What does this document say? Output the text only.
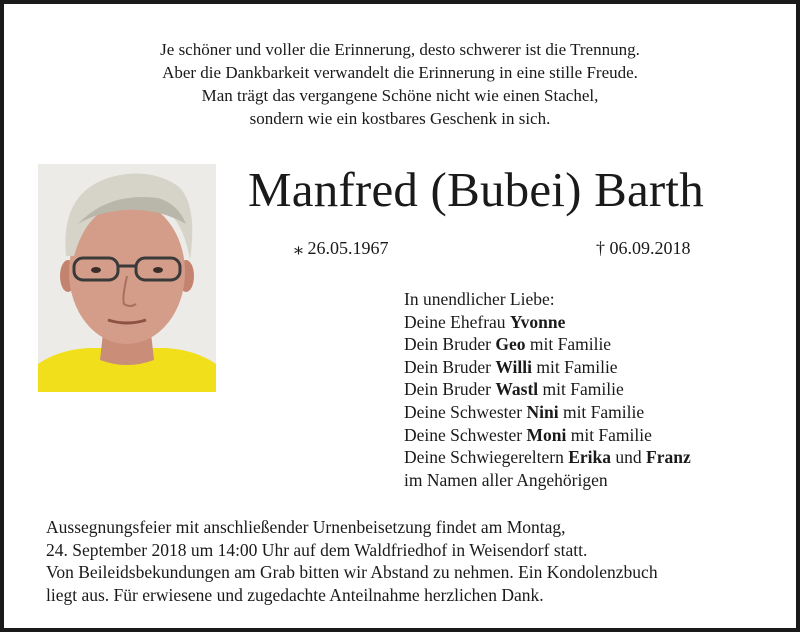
Je schöner und voller die Erinnerung, desto schwerer ist die Trennung.
Aber die Dankbarkeit verwandelt die Erinnerung in eine stille Freude.
Man trägt das vergangene Schöne nicht wie einen Stachel,
sondern wie ein kostbares Geschenk in sich.
Manfred (Bubei) Barth
⁎ 26.05.1967	† 06.09.2018
In unendlicher Liebe:
Deine Ehefrau Yvonne
Dein Bruder Geo mit Familie
Dein Bruder Willi mit Familie
Dein Bruder Wastl mit Familie
Deine Schwester Nini mit Familie
Deine Schwester Moni mit Familie
Deine Schwiegereltern Erika und Franz
im Namen aller Angehörigen
Aussegnungsfeier mit anschließender Urnenbeisetzung findet am Montag,
24. September 2018 um 14:00 Uhr auf dem Waldfriedhof in Weisendorf statt.
Von Beileidsbekundungen am Grab bitten wir Abstand zu nehmen. Ein Kondolenzbuch
liegt aus. Für erwiesene und zugedachte Anteilnahme herzlichen Dank.
